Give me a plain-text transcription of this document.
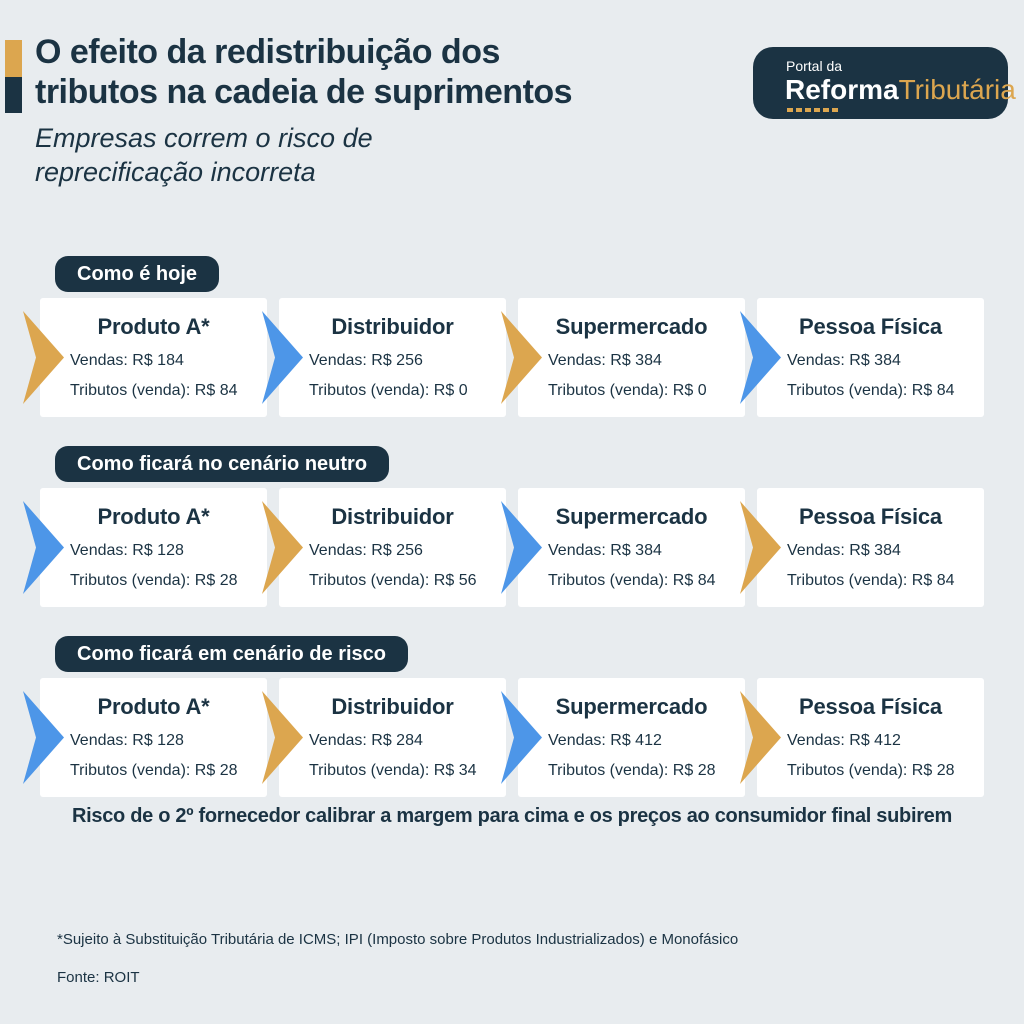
O efeito da redistribuição dos
tributos na cadeia de suprimentos
Empresas correm o risco de
reprecificação incorreta
Portal da
ReformaTributária
Como é hoje
Produto A*
Vendas: R$ 184
Tributos (venda): R$ 84
Distribuidor
Vendas: R$ 256
Tributos (venda): R$ 0
Supermercado
Vendas: R$ 384
Tributos (venda): R$ 0
Pessoa Física
Vendas: R$ 384
Tributos (venda): R$ 84
Como ficará no cenário neutro
Produto A*
Vendas: R$ 128
Tributos (venda): R$ 28
Distribuidor
Vendas: R$ 256
Tributos (venda): R$ 56
Supermercado
Vendas: R$ 384
Tributos (venda): R$ 84
Pessoa Física
Vendas: R$ 384
Tributos (venda): R$ 84
Como ficará em cenário de risco
Produto A*
Vendas: R$ 128
Tributos (venda): R$ 28
Distribuidor
Vendas: R$ 284
Tributos (venda): R$ 34
Supermercado
Vendas: R$ 412
Tributos (venda): R$ 28
Pessoa Física
Vendas: R$ 412
Tributos (venda): R$ 28
Risco de o 2º fornecedor calibrar a margem para cima e os preços ao consumidor final subirem
*Sujeito à Substituição Tributária de ICMS; IPI (Imposto sobre Produtos Industrializados) e Monofásico
Fonte: ROIT
